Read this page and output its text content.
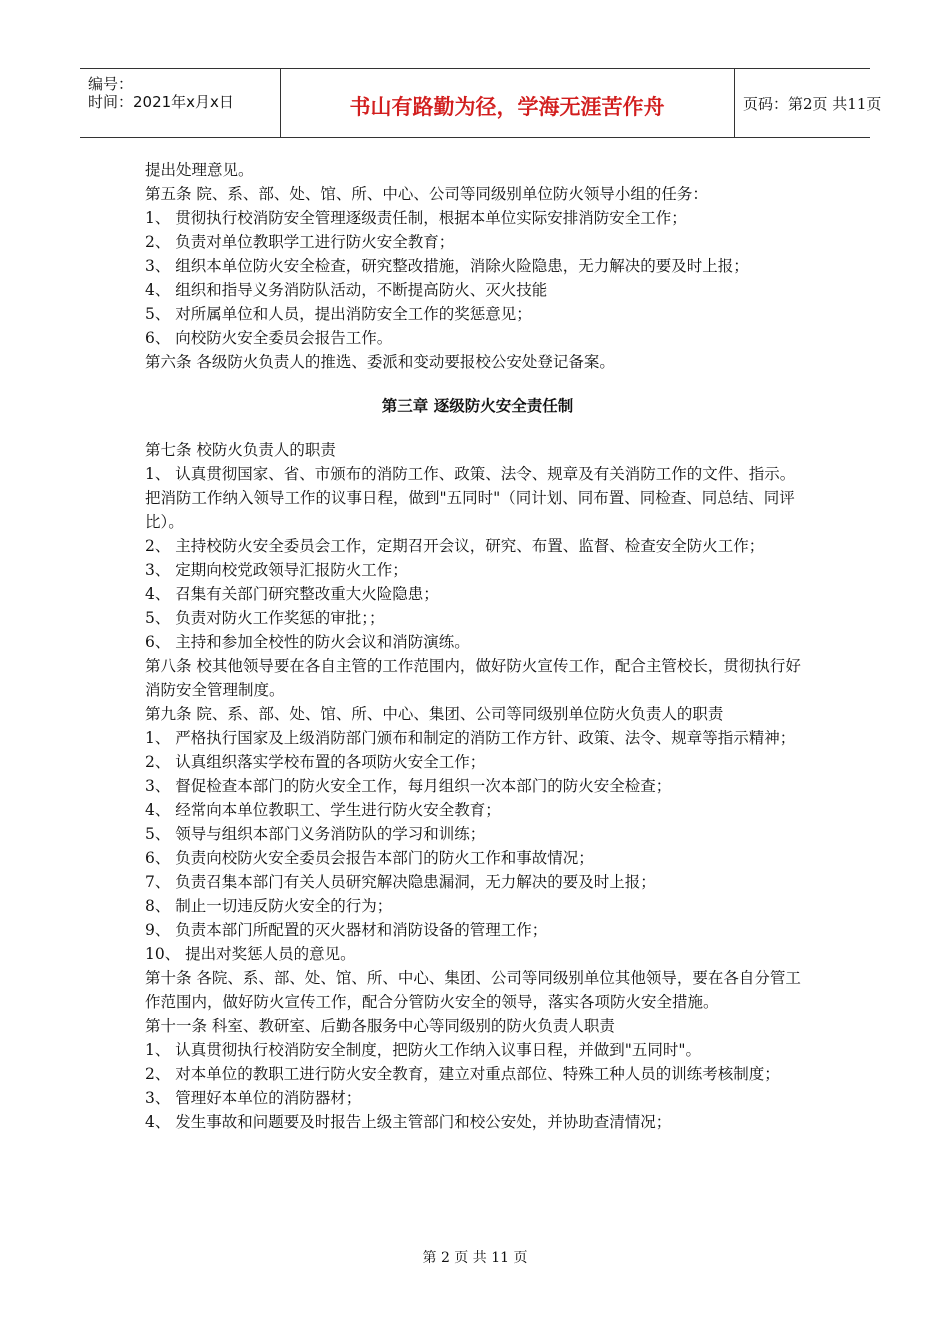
编号：
时间：2021年x月x日	书山有路勤为径，学海无涯苦作舟	页码：第2页 共11页

提出处理意见。

第五条 院、系、部、处、馆、所、中心、公司等同级别单位防火领导小组的任务：

1、 贯彻执行校消防安全管理逐级责任制，根据本单位实际安排消防安全工作；

2、 负责对单位教职学工进行防火安全教育；

3、 组织本单位防火安全检查，研究整改措施，消除火险隐患，无力解决的要及时上报；

4、 组织和指导义务消防队活动，不断提高防火、灭火技能

5、 对所属单位和人员，提出消防安全工作的奖惩意见；

6、 向校防火安全委员会报告工作。

第六条 各级防火负责人的推选、委派和变动要报校公安处登记备案。

第三章 逐级防火安全责任制

第七条 校防火负责人的职责

1、 认真贯彻国家、省、市颁布的消防工作、政策、法令、规章及有关消防工作的文件、指示。把消防工作纳入领导工作的议事日程，做到"五同时"（同计划、同布置、同检查、同总结、同评比）。

2、 主持校防火安全委员会工作，定期召开会议，研究、布置、监督、检查安全防火工作；

3、 定期向校党政领导汇报防火工作；

4、 召集有关部门研究整改重大火险隐患；

5、 负责对防火工作奖惩的审批；；

6、 主持和参加全校性的防火会议和消防演练。

第八条 校其他领导要在各自主管的工作范围内，做好防火宣传工作，配合主管校长，贯彻执行好消防安全管理制度。

第九条 院、系、部、处、馆、所、中心、集团、公司等同级别单位防火负责人的职责

1、 严格执行国家及上级消防部门颁布和制定的消防工作方针、政策、法令、规章等指示精神；

2、 认真组织落实学校布置的各项防火安全工作；

3、 督促检查本部门的防火安全工作，每月组织一次本部门的防火安全检查；

4、 经常向本单位教职工、学生进行防火安全教育；

5、 领导与组织本部门义务消防队的学习和训练；

6、 负责向校防火安全委员会报告本部门的防火工作和事故情况；

7、 负责召集本部门有关人员研究解决隐患漏洞，无力解决的要及时上报；

8、 制止一切违反防火安全的行为；

9、 负责本部门所配置的灭火器材和消防设备的管理工作；

10、 提出对奖惩人员的意见。

第十条 各院、系、部、处、馆、所、中心、集团、公司等同级别单位其他领导，要在各自分管工作范围内，做好防火宣传工作，配合分管防火安全的领导，落实各项防火安全措施。

第十一条 科室、教研室、后勤各服务中心等同级别的防火负责人职责

1、 认真贯彻执行校消防安全制度，把防火工作纳入议事日程，并做到"五同时"。

2、 对本单位的教职工进行防火安全教育，建立对重点部位、特殊工种人员的训练考核制度；

3、 管理好本单位的消防器材；

4、 发生事故和问题要及时报告上级主管部门和校公安处，并协助查清情况；

第 2 页 共 11 页
